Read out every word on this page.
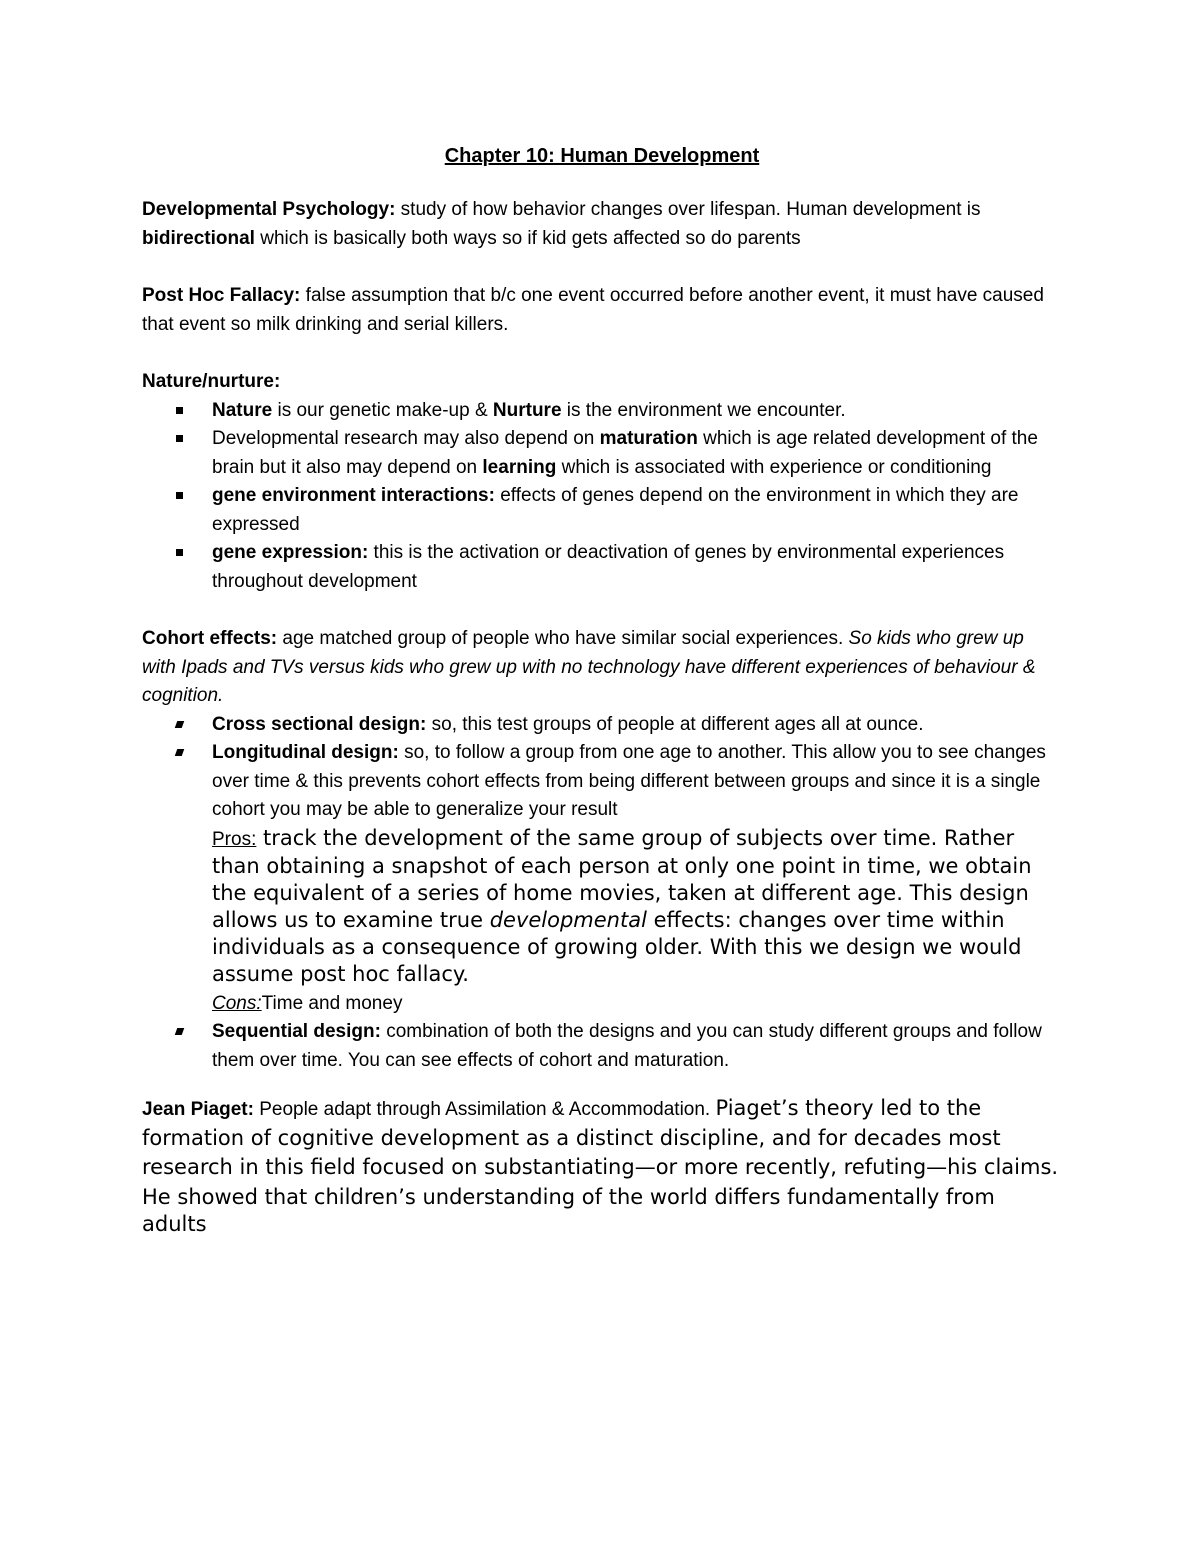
Chapter 10: Human Development

Developmental Psychology: study of how behavior changes over lifespan. Human development is bidirectional which is basically both ways so if kid gets affected so do parents

Post Hoc Fallacy: false assumption that b/c one event occurred before another event, it must have caused that event so milk drinking and serial killers.

Nature/nurture:

Nature is our genetic make-up & Nurture is the environment we encounter.
Developmental research may also depend on maturation which is age related development of the brain but it also may depend on learning which is associated with experience or conditioning
gene environment interactions: effects of genes depend on the environment in which they are expressed
gene expression: this is the activation or deactivation of genes by environmental experiences throughout development

Cohort effects: age matched group of people who have similar social experiences. So kids who grew up with Ipads and TVs versus kids who grew up with no technology have different experiences of behaviour & cognition.

Cross sectional design: so, this test groups of people at different ages all at ounce.
Longitudinal design: so, to follow a group from one age to another. This allow you to see changes over time & this prevents cohort effects from being different between groups and since it is a single cohort you may be able to generalize your result
Pros: track the development of the same group of subjects over time. Rather than obtaining a snapshot of each person at only one point in time, we obtain the equivalent of a series of home movies, taken at different age. This design allows us to examine true developmental effects: changes over time within individuals as a consequence of growing older. With this we design we would assume post hoc fallacy.
Cons:Time and money
Sequential design: combination of both the designs and you can study different groups and follow them over time. You can see effects of cohort and maturation.

Jean Piaget: People adapt through Assimilation & Accommodation. Piaget’s theory led to the formation of cognitive development as a distinct discipline, and for decades most research in this field focused on substantiating—or more recently, refuting—his claims.

He showed that children’s understanding of the world differs fundamentally from adults
